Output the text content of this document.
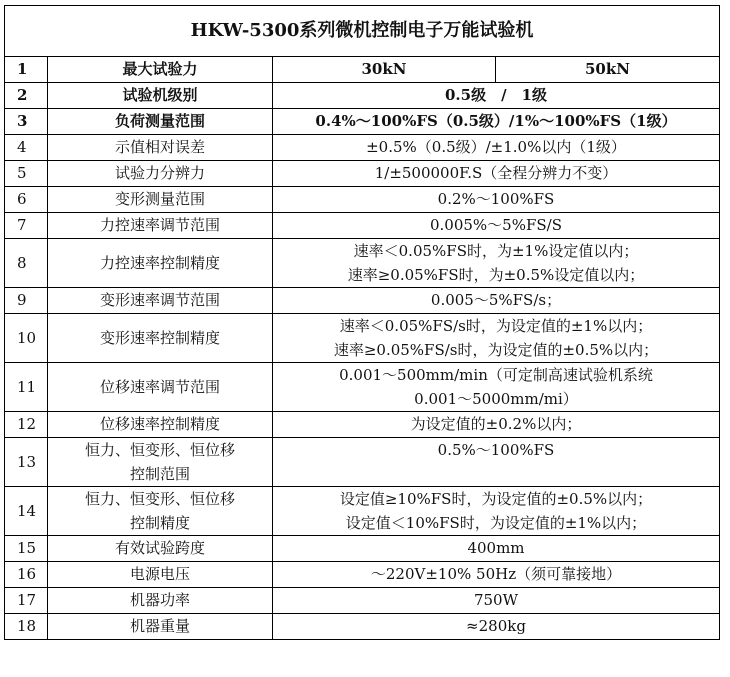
HKW-5300系列微机控制电子万能试验机			
1	最大试验力	30kN	50kN
2	试验机级别	0.5级　/　1级	
3	负荷测量范围	0.4%～100%FS（0.5级）/1%～100%FS（1级）	
4	示值相对误差	±0.5%（0.5级）/±1.0%以内（1级）	
5	试验力分辨力	1/±500000F.S（全程分辨力不变）	
6	变形测量范围	0.2%～100%FS	
7	力控速率调节范围	0.005%～5%FS/S	
8	力控速率控制精度	速率＜0.05%FS时，为±1%设定值以内；
速率≥0.05%FS时，为±0.5%设定值以内；	

9	变形速率调节范围	0.005～5%FS/s；	
10	变形速率控制精度	速率＜0.05%FS/s时，为设定值的±1%以内；
速率≥0.05%FS/s时，为设定值的±0.5%以内；	

11	位移速率调节范围	0.001～500mm/min（可定制高速试验机系统
0.001～5000mm/mi）	

12	位移速率控制精度	为设定值的±0.2%以内；	
13	恒力、恒变形、恒位移
控制范围	0.5%～100%FS	
14	恒力、恒变形、恒位移
控制精度	设定值≥10%FS时，为设定值的±0.5%以内；
设定值＜10%FS时，为设定值的±1%以内；	

15	有效试验跨度	400mm	
16	电源电压	～220V±10% 50Hz（须可靠接地）	
17	机器功率	750W	
18	机器重量	≈280kg	
